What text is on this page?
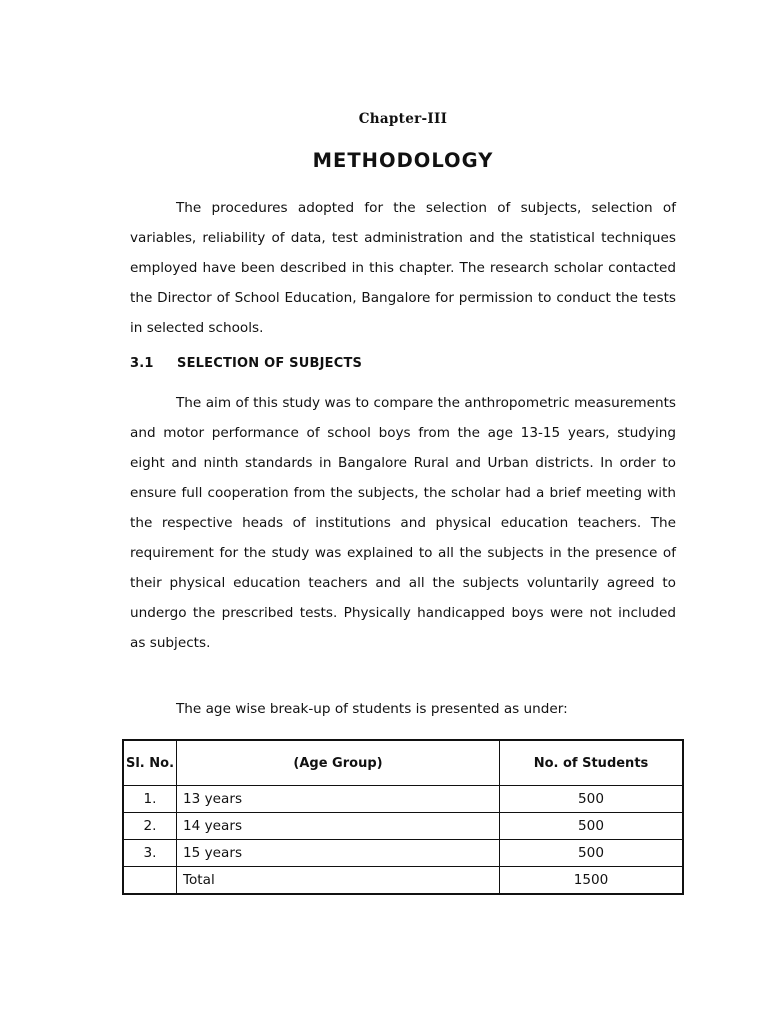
Chapter-III
METHODOLOGY

The procedures adopted for the selection of subjects, selection of variables, reliability of data, test administration and the statistical techniques employed have been described in this chapter. The research scholar contacted the Director of School Education, Bangalore for permission to conduct the tests in selected schools.

3.1 SELECTION OF SUBJECTS

The aim of this study was to compare the anthropometric measurements and motor performance of school boys from the age 13-15 years, studying eight and ninth standards in Bangalore Rural and Urban districts. In order to ensure full cooperation from the subjects, the scholar had a brief meeting with the respective heads of institutions and physical education teachers. The requirement for the study was explained to all the subjects in the presence of their physical education teachers and all the subjects voluntarily agreed to undergo the prescribed tests. Physically handicapped boys were not included as subjects.

The age wise break-up of students is presented as under:

Sl. No.	(Age Group)	No. of Students
1.	13 years	500
2.	14 years	500
3.	15 years	500
	Total	1500
